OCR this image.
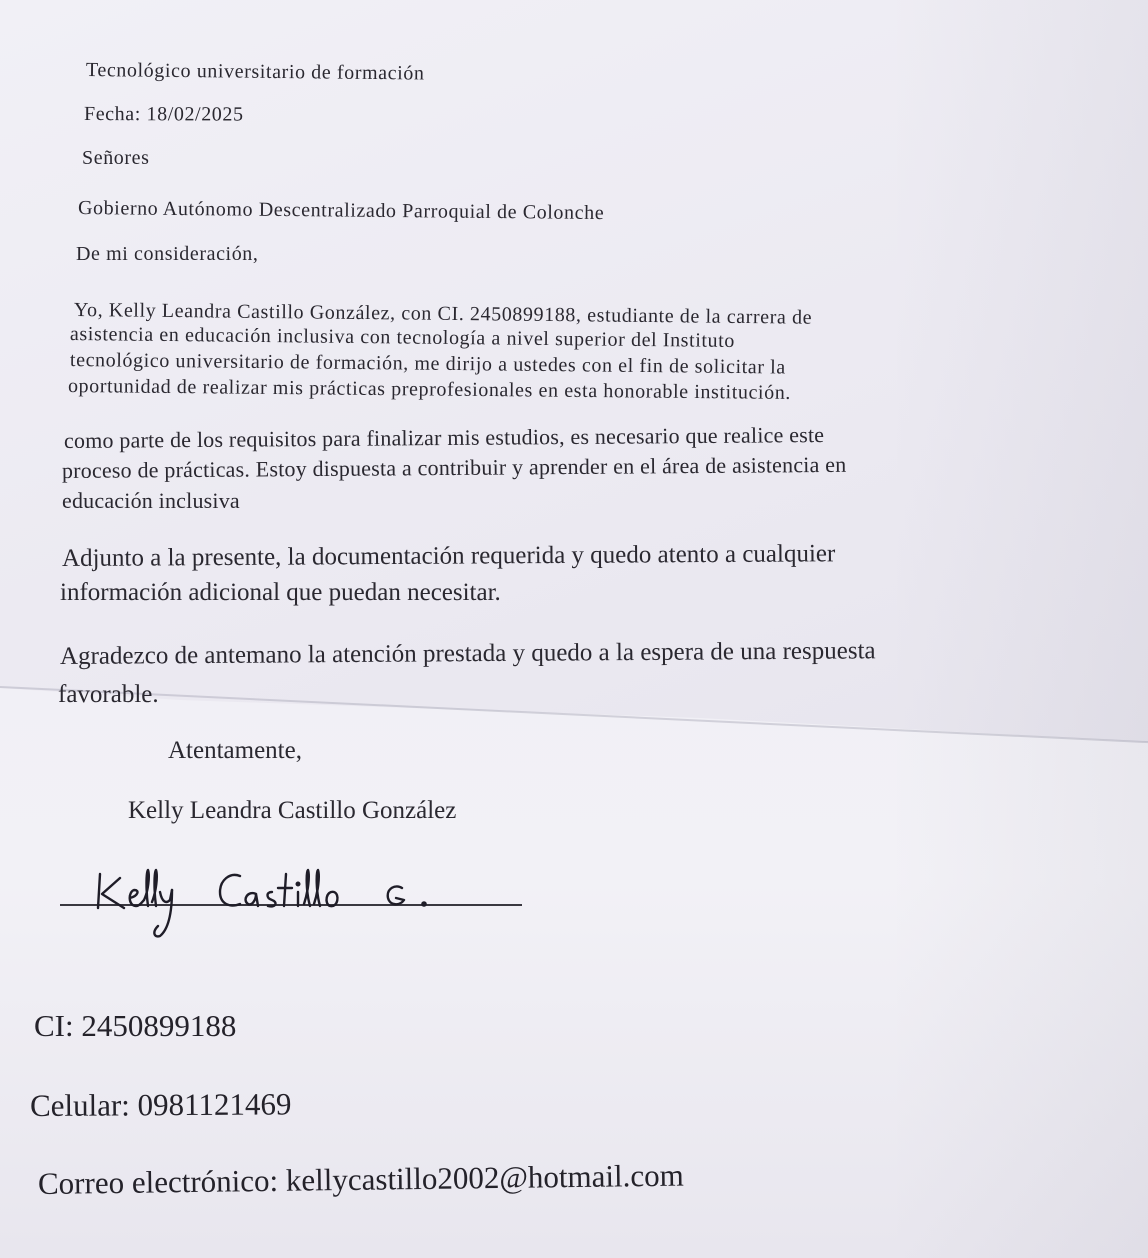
Tecnológico universitario de formación
Fecha: 18/02/2025
Señores
Gobierno Autónomo Descentralizado Parroquial de Colonche
De mi consideración,
Yo, Kelly Leandra Castillo González, con CI. 2450899188, estudiante de la carrera de
asistencia en educación inclusiva con tecnología a nivel superior del Instituto
tecnológico universitario de formación, me dirijo a ustedes con el fin de solicitar la
oportunidad de realizar mis prácticas preprofesionales en esta honorable institución.
como parte de los requisitos para finalizar mis estudios, es necesario que realice este
proceso de prácticas. Estoy dispuesta a contribuir y aprender en el área de asistencia en
educación inclusiva
Adjunto a la presente, la documentación requerida y quedo atento a cualquier
información adicional que puedan necesitar.
Agradezco de antemano la atención prestada y quedo a la espera de una respuesta
favorable.
Atentamente,
Kelly Leandra Castillo González
CI: 2450899188
Celular: 0981121469
Correo electrónico: kellycastillo2002@hotmail.com
